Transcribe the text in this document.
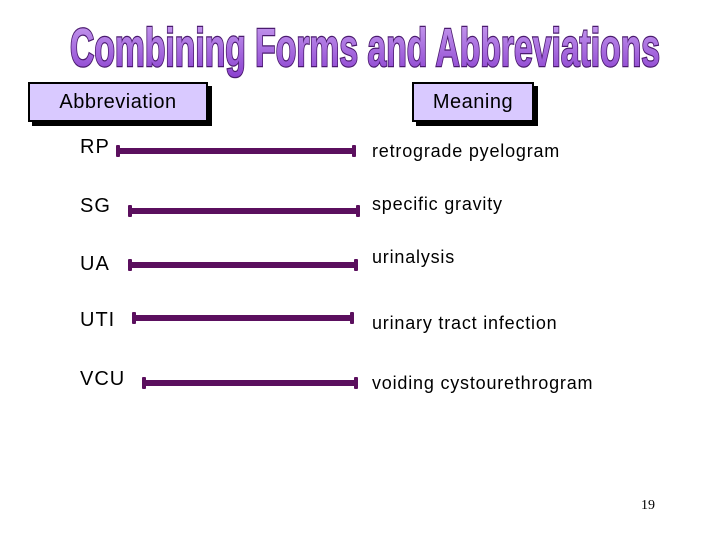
Combining Forms and Abbreviations
Abbreviation	Meaning
RP	retrograde pyelogram
SG	specific gravity
UA	urinalysis
UTI	urinary tract infection
VCU	voiding cystourethrogram
19
